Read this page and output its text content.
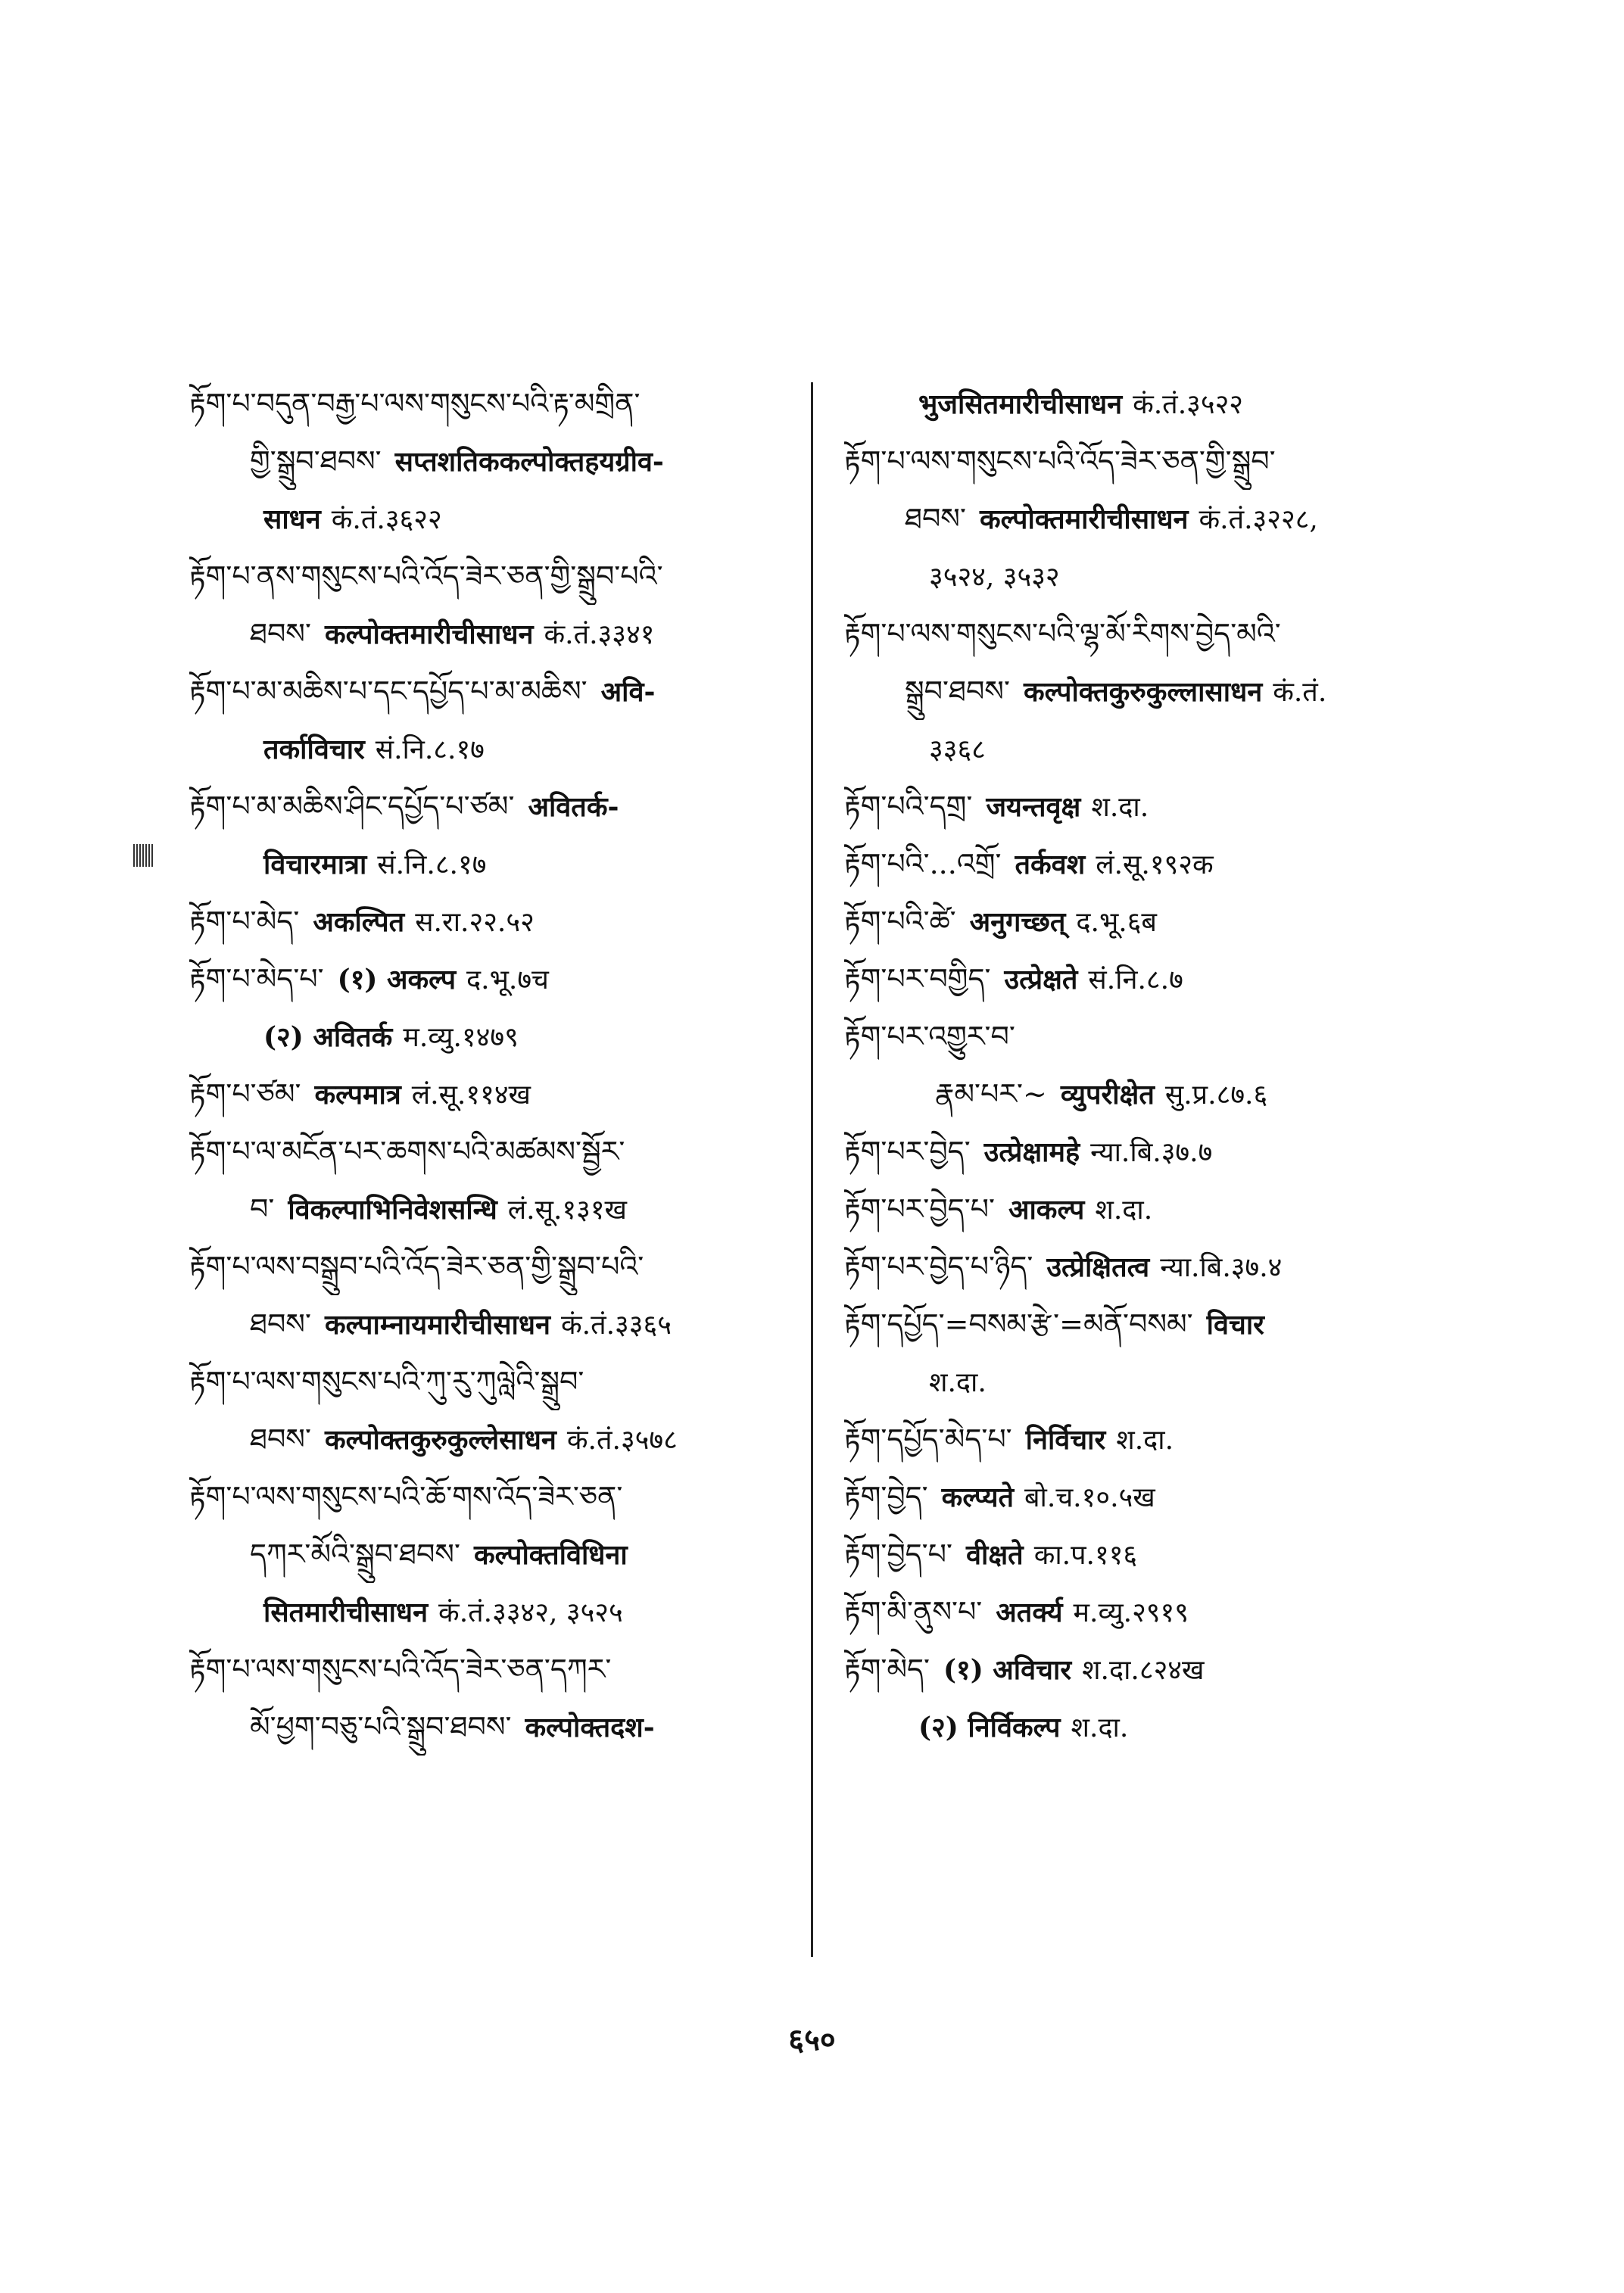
རྟོག་པ་བདུན་བརྒྱ་པ་ལས་གསུངས་པའི་རྟ་མགྲིན་
གྱི་སྒྲུབ་ཐབས་ सप्तशतिककल्पोक्तहयग्रीव-
साधन कं.तं.३६२२
རྟོག་པ་ནས་གསུངས་པའི་འོད་ཟེར་ཅན་གྱི་སྒྲུབ་པའི་
ཐབས་ कल्पोक्तमारीचीसाधन कं.तं.३३४१
རྟོག་པ་མ་མཆིས་པ་དང་དཔྱོད་པ་མ་མཆིས་ अवि-
तर्काविचार सं.नि.८.१७
རྟོག་པ་མ་མཆིས་ཤིང་དཔྱོད་པ་ཙམ་ अवितर्क-
विचारमात्रा सं.नि.८.१७
རྟོག་པ་མེད་ अकल्पित स.रा.२२.५२
རྟོག་པ་མེད་པ་ (१) अकल्प द.भू.७च
(२) अवितर्क म.व्यु.१४७९
རྟོག་པ་ཙམ་ कल्पमात्र लं.सू.११४ख
རྟོག་པ་ལ་མངོན་པར་ཆགས་པའི་མཚམས་སྦྱོར་
བ་ विकल्पाभिनिवेशसन्धि लं.सू.१३१ख
རྟོག་པ་ལས་བསྒྲུབ་པའི་འོད་ཟེར་ཅན་གྱི་སྒྲུབ་པའི་
ཐབས་ कल्पाम्नायमारीचीसाधन कं.तं.३३६५
རྟོག་པ་ལས་གསུངས་པའི་ཀུ་རུ་ཀུལླེའི་སྒྲུབ་
ཐབས་ कल्पोक्तकुरुकुल्लेसाधन कं.तं.३५७८
རྟོག་པ་ལས་གསུངས་པའི་ཆོ་གས་འོད་ཟེར་ཅན་
དཀར་མོའི་སྒྲུབ་ཐབས་ कल्पोक्तविधिना
सितमारीचीसाधन कं.तं.३३४२, ३५२५
རྟོག་པ་ལས་གསུངས་པའི་འོད་ཟེར་ཅན་དཀར་
མོ་ཕྱག་བཅུ་པའི་སྒྲུབ་ཐབས་ कल्पोक्तदश-
भुजसितमारीचीसाधन कं.तं.३५२२
རྟོག་པ་ལས་གསུངས་པའི་འོད་ཟེར་ཅན་གྱི་སྒྲུབ་
ཐབས་ कल्पोक्तमारीचीसाधन कं.तं.३२२८,
३५२४, ३५३२
རྟོག་པ་ལས་གསུངས་པའི་ལྷ་མོ་རིགས་བྱེད་མའི་
སྒྲུབ་ཐབས་ कल्पोक्तकुरुकुल्लासाधन कं.तं.
३३६८
རྟོག་པའི་དགྲ་ जयन्तवृक्ष श.दा.
རྟོག་པའི་...འགྲོ་ तर्कवश लं.सू.१९२क
རྟོག་པའི་ཚེ་ अनुगच्छत् द.भू.६ब
རྟོག་པར་བགྱིད་ उत्प्रेक्षते सं.नि.८.७
རྟོག་པར་འགྱུར་བ་
རྣམ་པར་~ व्युपरीक्षेत सु.प्र.८७.६
རྟོག་པར་བྱེད་ उत्प्रेक्षामहे न्या.बि.३७.७
རྟོག་པར་བྱེད་པ་ आकल्प श.दा.
རྟོག་པར་བྱེད་པ་ཉིད་ उत्प्रेक्षितत्व न्या.बि.३७.४
རྟོག་དཔྱོད་=བསམ་རྩེ་=མནོ་བསམ་ विचार
श.दा.
རྟོག་དཔྱོད་མེད་པ་ निर्विचार श.दा.
རྟོག་བྱེད་ कल्प्यते बो.च.१०.५ख
རྟོག་བྱེད་པ་ वीक्षते का.प.११६
རྟོག་མི་ནུས་པ་ अतर्क्य म.व्यु.२९१९
རྟོག་མེད་ (१) अविचार श.दा.८२४ख
(२) निर्विकल्प श.दा.
६५०
